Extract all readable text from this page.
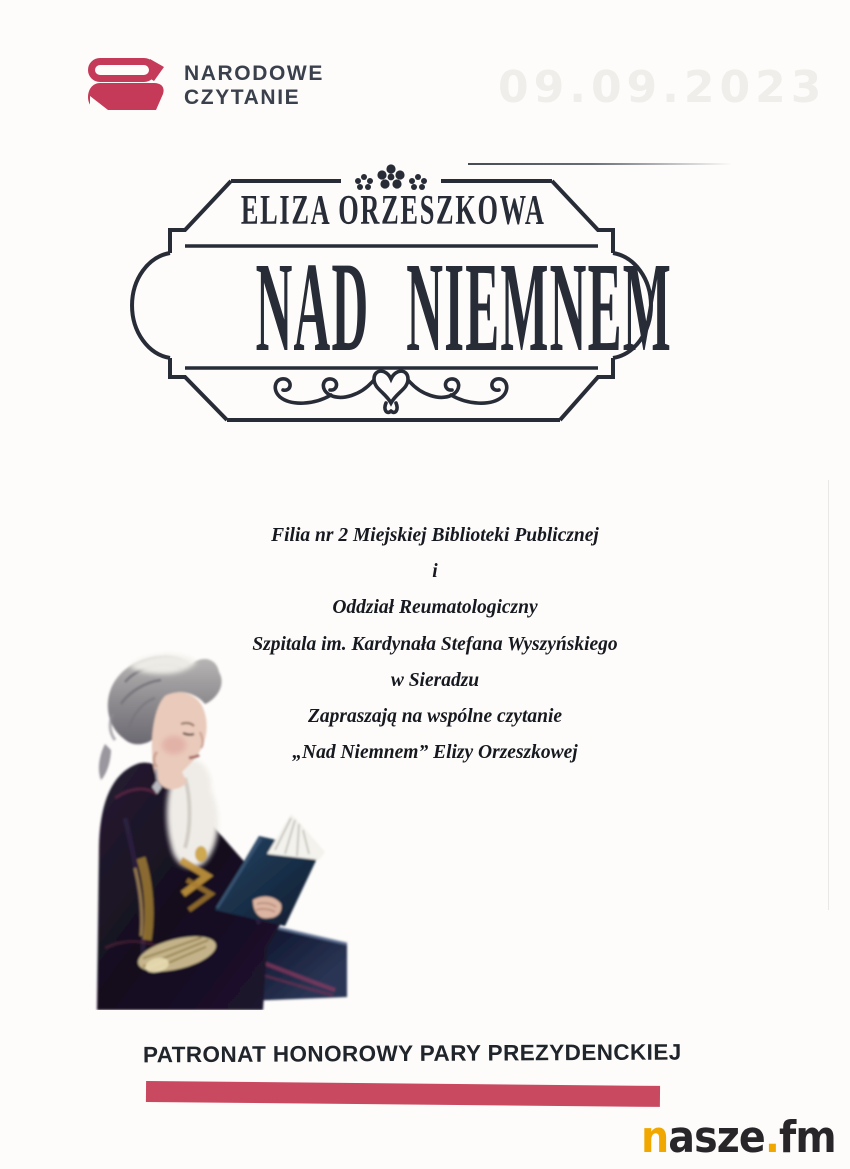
NARODOWE
CZYTANIE	09.09.2023
ELIZA ORZESZKOWA
NAD NIEMNEM
Filia nr 2 Miejskiej Biblioteki Publicznej
i
Oddział Reumatologiczny
Szpitala im. Kardynała Stefana Wyszyńskiego
w Sieradzu
Zapraszają na wspólne czytanie
„Nad Niemnem” Elizy Orzeszkowej
PATRONAT HONOROWY PARY PREZYDENCKIEJ
nasze.fm
